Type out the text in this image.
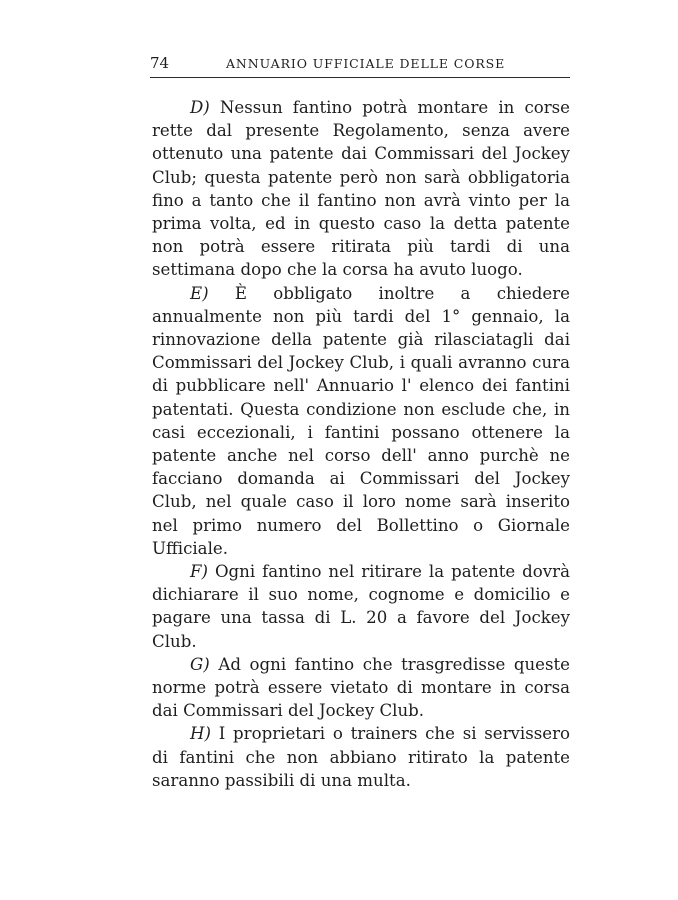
74	ANNUARIO UFFICIALE DELLE CORSE

D) Nessun fantino potrà montare in corse rette dal presente Regolamento, senza avere ottenuto una patente dai Commissari del Jockey Club; questa patente però non sarà obbligatoria fino a tanto che il fantino non avrà vinto per la prima volta, ed in questo caso la detta patente non potrà essere ritirata più tardi di una settimana dopo che la corsa ha avuto luogo.

E) È obbligato inoltre a chiedere annualmente non più tardi del 1° gennaio, la rinnovazione della patente già rilasciatagli dai Commissari del Jockey Club, i quali avranno cura di pubblicare nell' Annuario l' elenco dei fantini patentati. Questa condizione non esclude che, in casi eccezionali, i fantini possano ottenere la patente anche nel corso dell' anno purchè ne facciano domanda ai Commissari del Jockey Club, nel quale caso il loro nome sarà inserito nel primo numero del Bollettino o Giornale Ufficiale.

F) Ogni fantino nel ritirare la patente dovrà dichiarare il suo nome, cognome e domicilio e pagare una tassa di L. 20 a favore del Jockey Club.

G) Ad ogni fantino che trasgredisse queste norme potrà essere vietato di montare in corsa dai Commissari del Jockey Club.

H) I proprietari o trainers che si servissero di fantini che non abbiano ritirato la patente saranno passibili di una multa.
